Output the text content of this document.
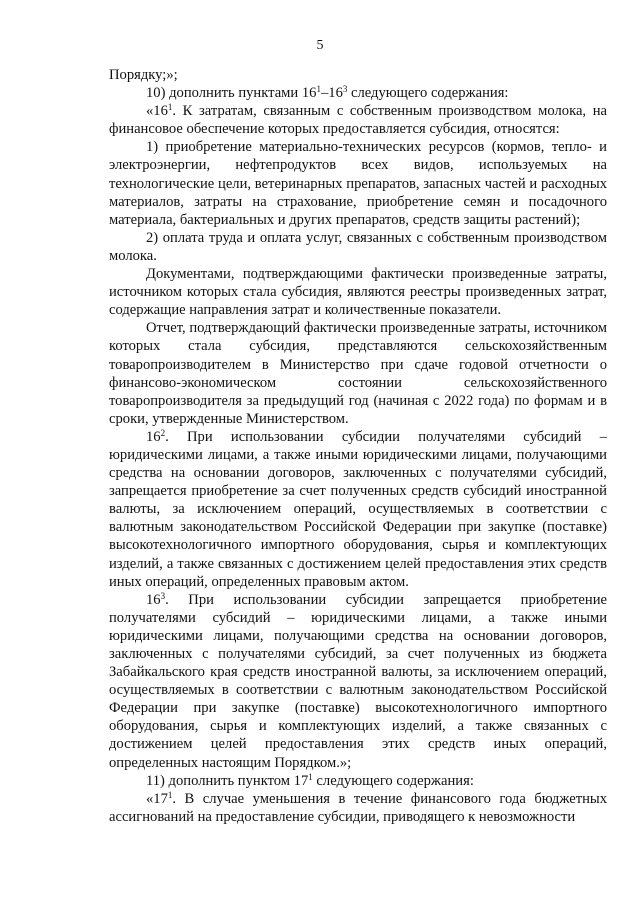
5

Порядку;»;

10) дополнить пунктами $16^1-16^3$ следующего содержания:

«$16^1$. К затратам, связанным с собственным производством молока, на финансовое обеспечение которых предоставляется субсидия, относятся:

1) приобретение материально-технических ресурсов (кормов, тепло- и электроэнергии, нефтепродуктов всех видов, используемых на технологические цели, ветеринарных препаратов, запасных частей и расходных материалов, затраты на страхование, приобретение семян и посадочного материала, бактериальных и других препаратов, средств защиты растений);

2) оплата труда и оплата услуг, связанных с собственным производством молока.

Документами, подтверждающими фактически произведенные затраты, источником которых стала субсидия, являются реестры произведенных затрат, содержащие направления затрат и количественные показатели.

Отчет, подтверждающий фактически произведенные затраты, источником которых стала субсидия, представляются сельскохозяйственным товаропроизводителем в Министерство при сдаче годовой отчетности о финансово-экономическом состоянии сельскохозяйственного товаропроизводителя за предыдущий год (начиная с 2022 года) по формам и в сроки, утвержденные Министерством.

$16^2$. При использовании субсидии получателями субсидий – юридическими лицами, а также иными юридическими лицами, получающими средства на основании договоров, заключенных с получателями субсидий, запрещается приобретение за счет полученных средств субсидий иностранной валюты, за исключением операций, осуществляемых в соответствии с валютным законодательством Российской Федерации при закупке (поставке) высокотехнологичного импортного оборудования, сырья и комплектующих изделий, а также связанных с достижением целей предоставления этих средств иных операций, определенных правовым актом.

$16^3$. При использовании субсидии запрещается приобретение получателями субсидий – юридическими лицами, а также иными юридическими лицами, получающими средства на основании договоров, заключенных с получателями субсидий, за счет полученных из бюджета Забайкальского края средств иностранной валюты, за исключением операций, осуществляемых в соответствии с валютным законодательством Российской Федерации при закупке (поставке) высокотехнологичного импортного оборудования, сырья и комплектующих изделий, а также связанных с достижением целей предоставления этих средств иных операций, определенных настоящим Порядком.»;

11) дополнить пунктом $17^1$ следующего содержания:

«$17^1$. В случае уменьшения в течение финансового года бюджетных ассигнований на предоставление субсидии, приводящего к невозможности
